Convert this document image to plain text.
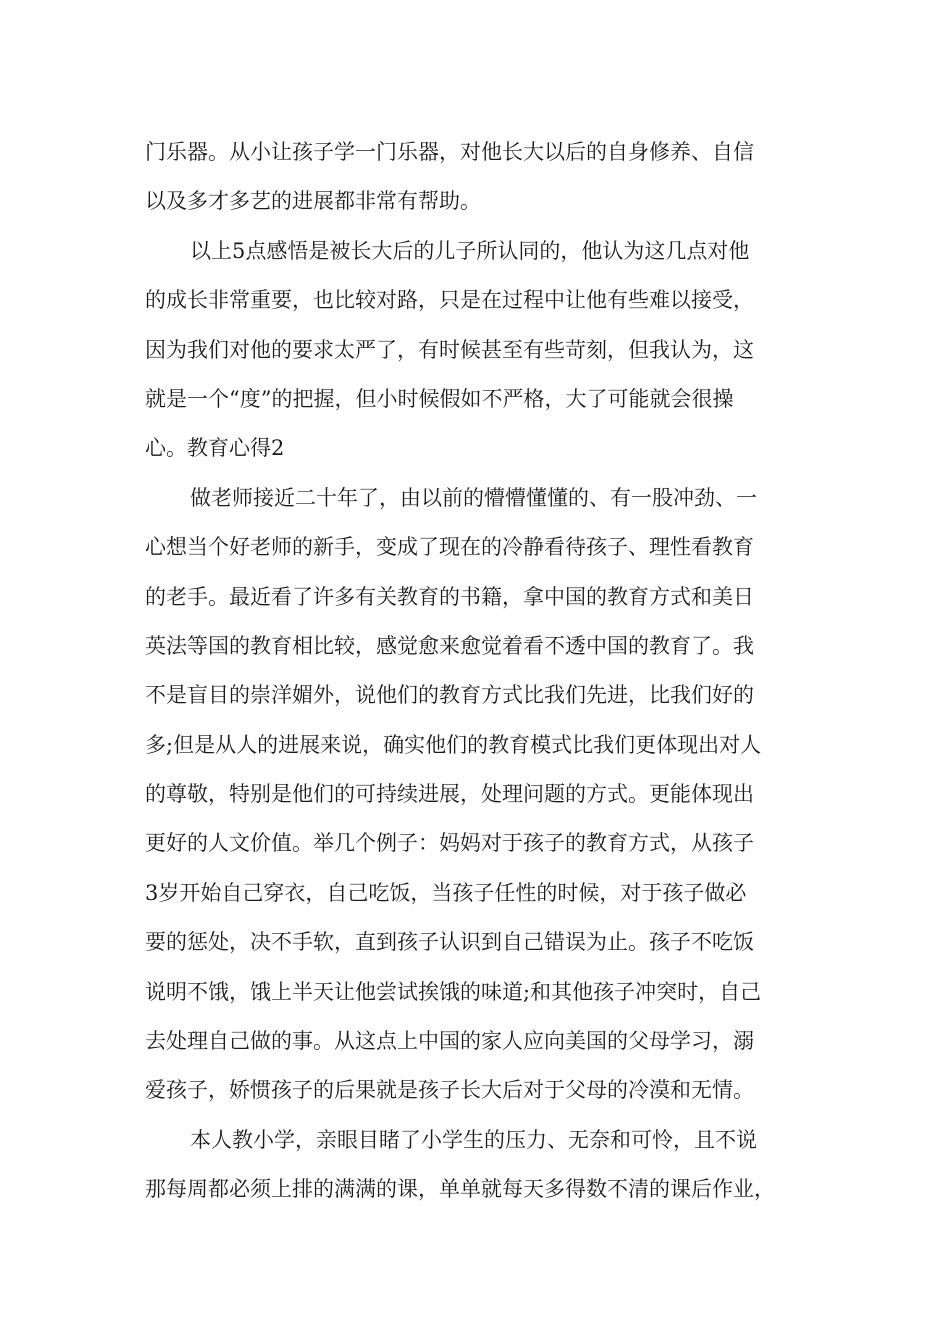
门乐器。从小让孩子学一门乐器，对他长大以后的自身修养、自信
以及多才多艺的进展都非常有帮助。
以上5点感悟是被长大后的儿子所认同的，他认为这几点对他
的成长非常重要，也比较对路，只是在过程中让他有些难以接受，
因为我们对他的要求太严了，有时候甚至有些苛刻，但我认为，这
就是一个“度”的把握，但小时候假如不严格，大了可能就会很操
心。教育心得2
做老师接近二十年了，由以前的懵懵懂懂的、有一股冲劲、一
心想当个好老师的新手，变成了现在的冷静看待孩子、理性看教育
的老手。最近看了许多有关教育的书籍，拿中国的教育方式和美日
英法等国的教育相比较，感觉愈来愈觉着看不透中国的教育了。我
不是盲目的崇洋媚外，说他们的教育方式比我们先进，比我们好的
多;但是从人的进展来说，确实他们的教育模式比我们更体现出对人
的尊敬，特别是他们的可持续进展，处理问题的方式。更能体现出
更好的人文价值。举几个例子：妈妈对于孩子的教育方式，从孩子
3岁开始自己穿衣，自己吃饭，当孩子任性的时候，对于孩子做必
要的惩处，决不手软，直到孩子认识到自己错误为止。孩子不吃饭
说明不饿，饿上半天让他尝试挨饿的味道;和其他孩子冲突时，自己
去处理自己做的事。从这点上中国的家人应向美国的父母学习，溺
爱孩子，娇惯孩子的后果就是孩子长大后对于父母的冷漠和无情。
本人教小学，亲眼目睹了小学生的压力、无奈和可怜，且不说
那每周都必须上排的满满的课，单单就每天多得数不清的课后作业，
